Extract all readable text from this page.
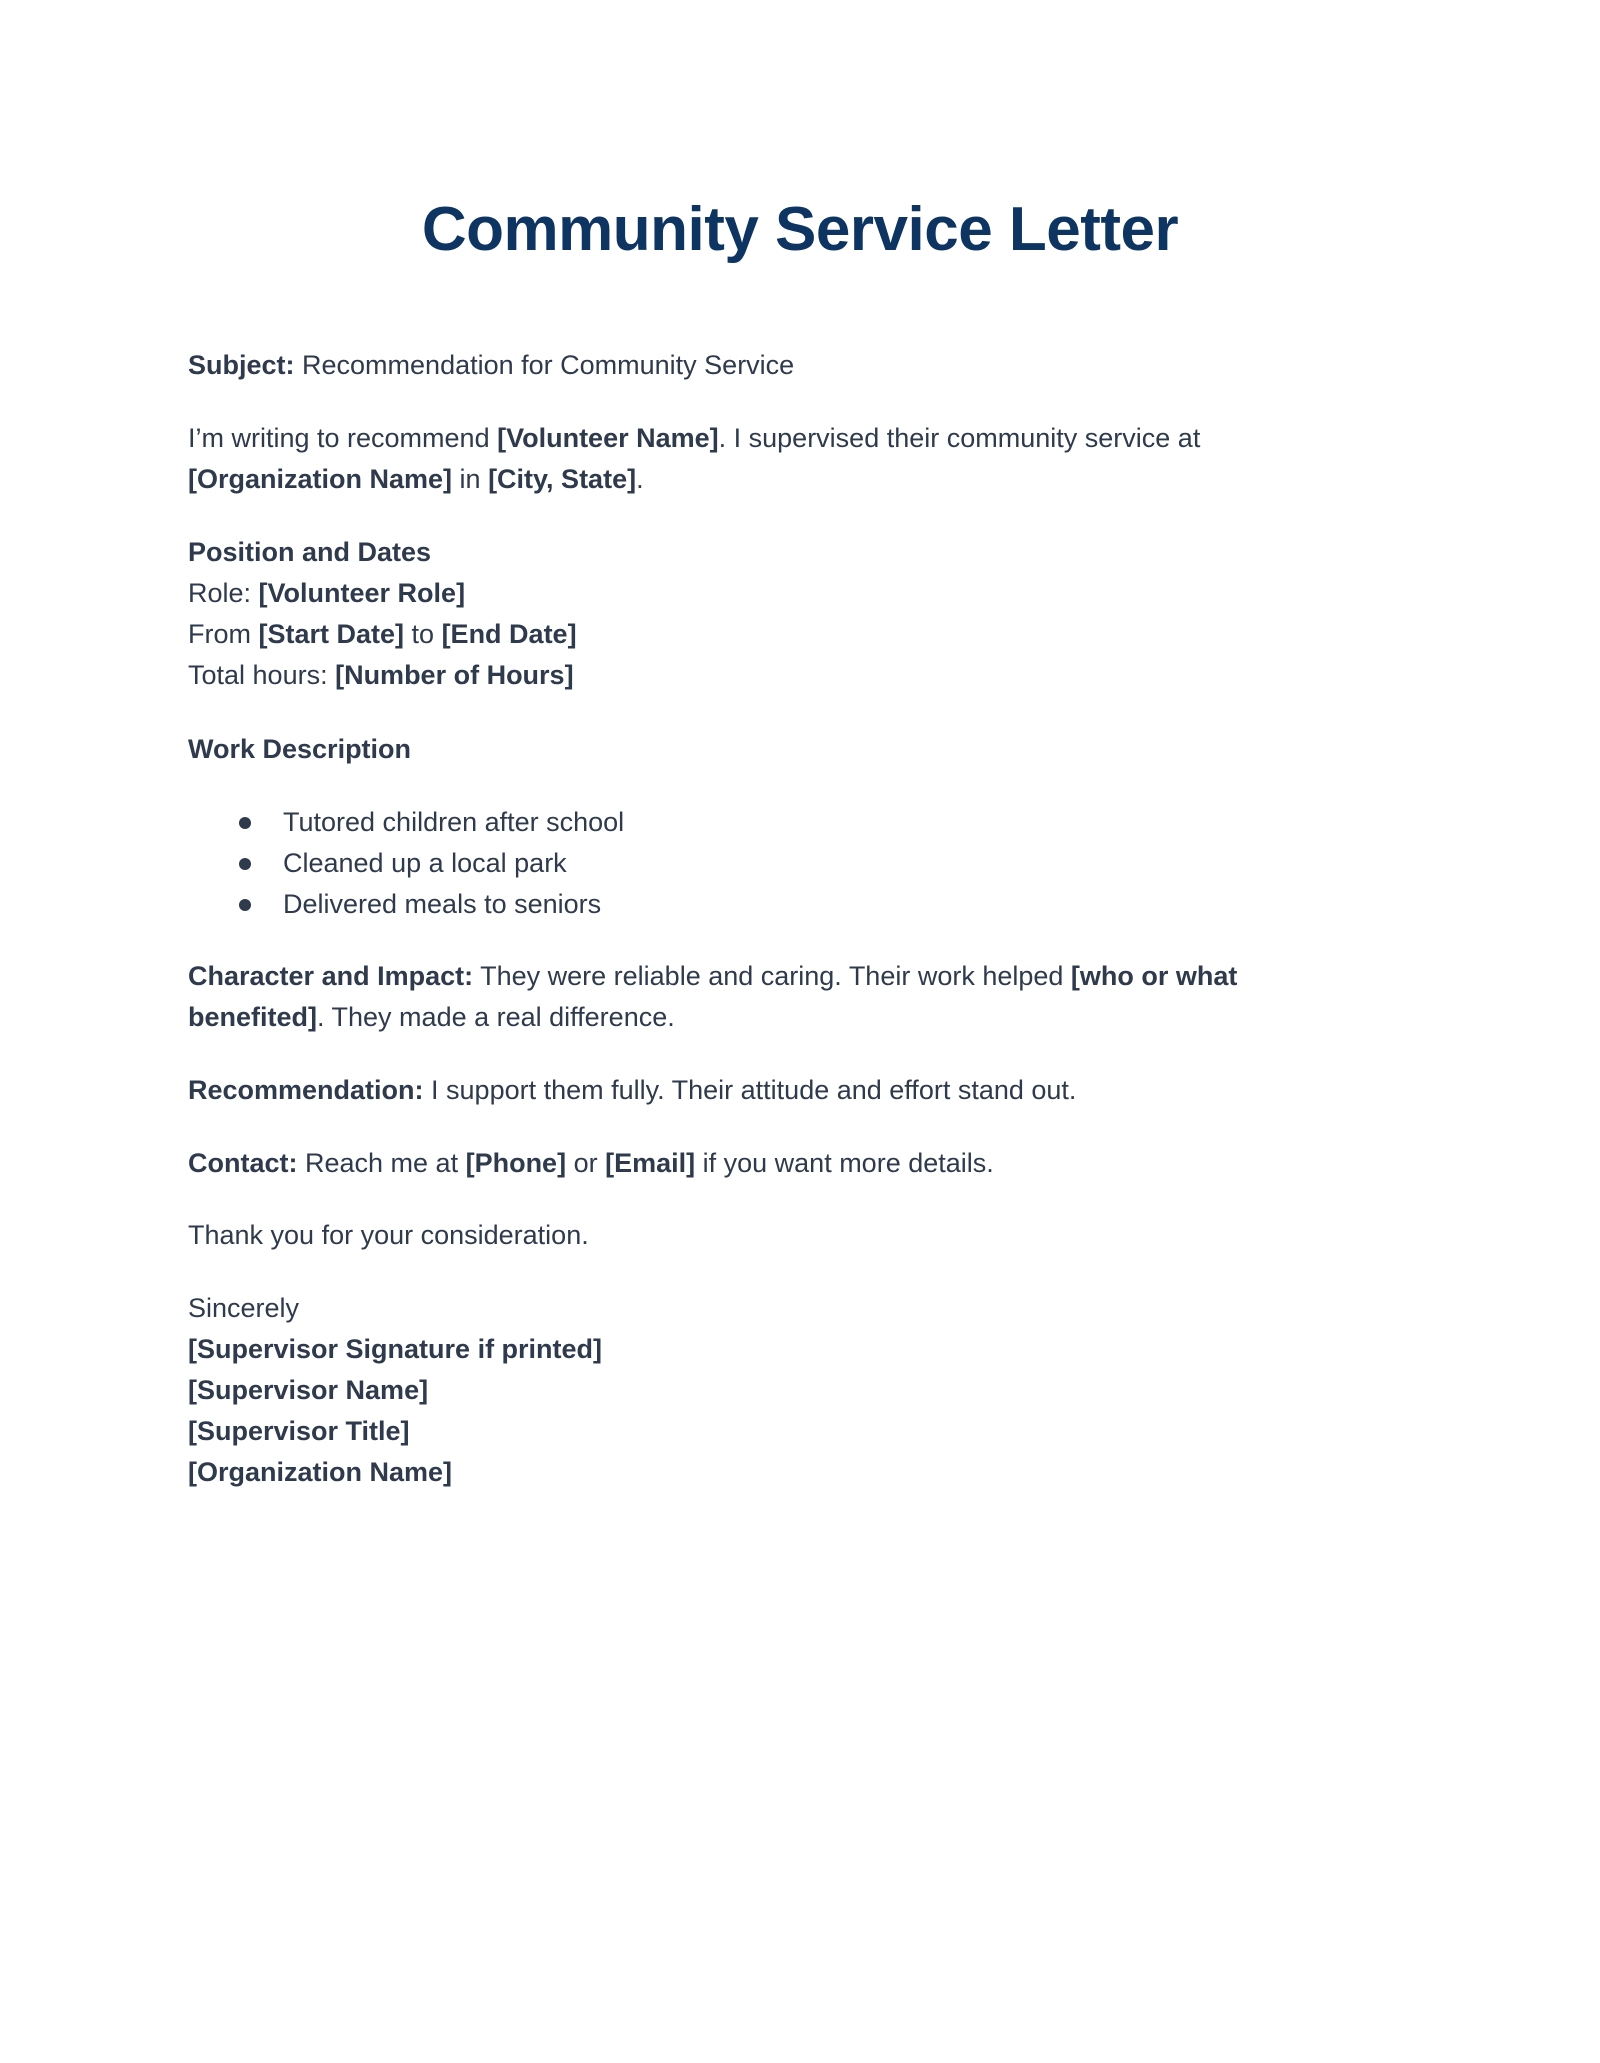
Community Service Letter

Subject: Recommendation for Community Service

I’m writing to recommend [Volunteer Name]. I supervised their community service at
[Organization Name] in [City, State].

Position and Dates
Role: [Volunteer Role]
From [Start Date] to [End Date]
Total hours: [Number of Hours]

Work Description

Tutored children after school
Cleaned up a local park
Delivered meals to seniors

Character and Impact: They were reliable and caring. Their work helped [who or what
benefited]. They made a real difference.

Recommendation: I support them fully. Their attitude and effort stand out.

Contact: Reach me at [Phone] or [Email] if you want more details.

Thank you for your consideration.

Sincerely
[Supervisor Signature if printed]
[Supervisor Name]
[Supervisor Title]
[Organization Name]
